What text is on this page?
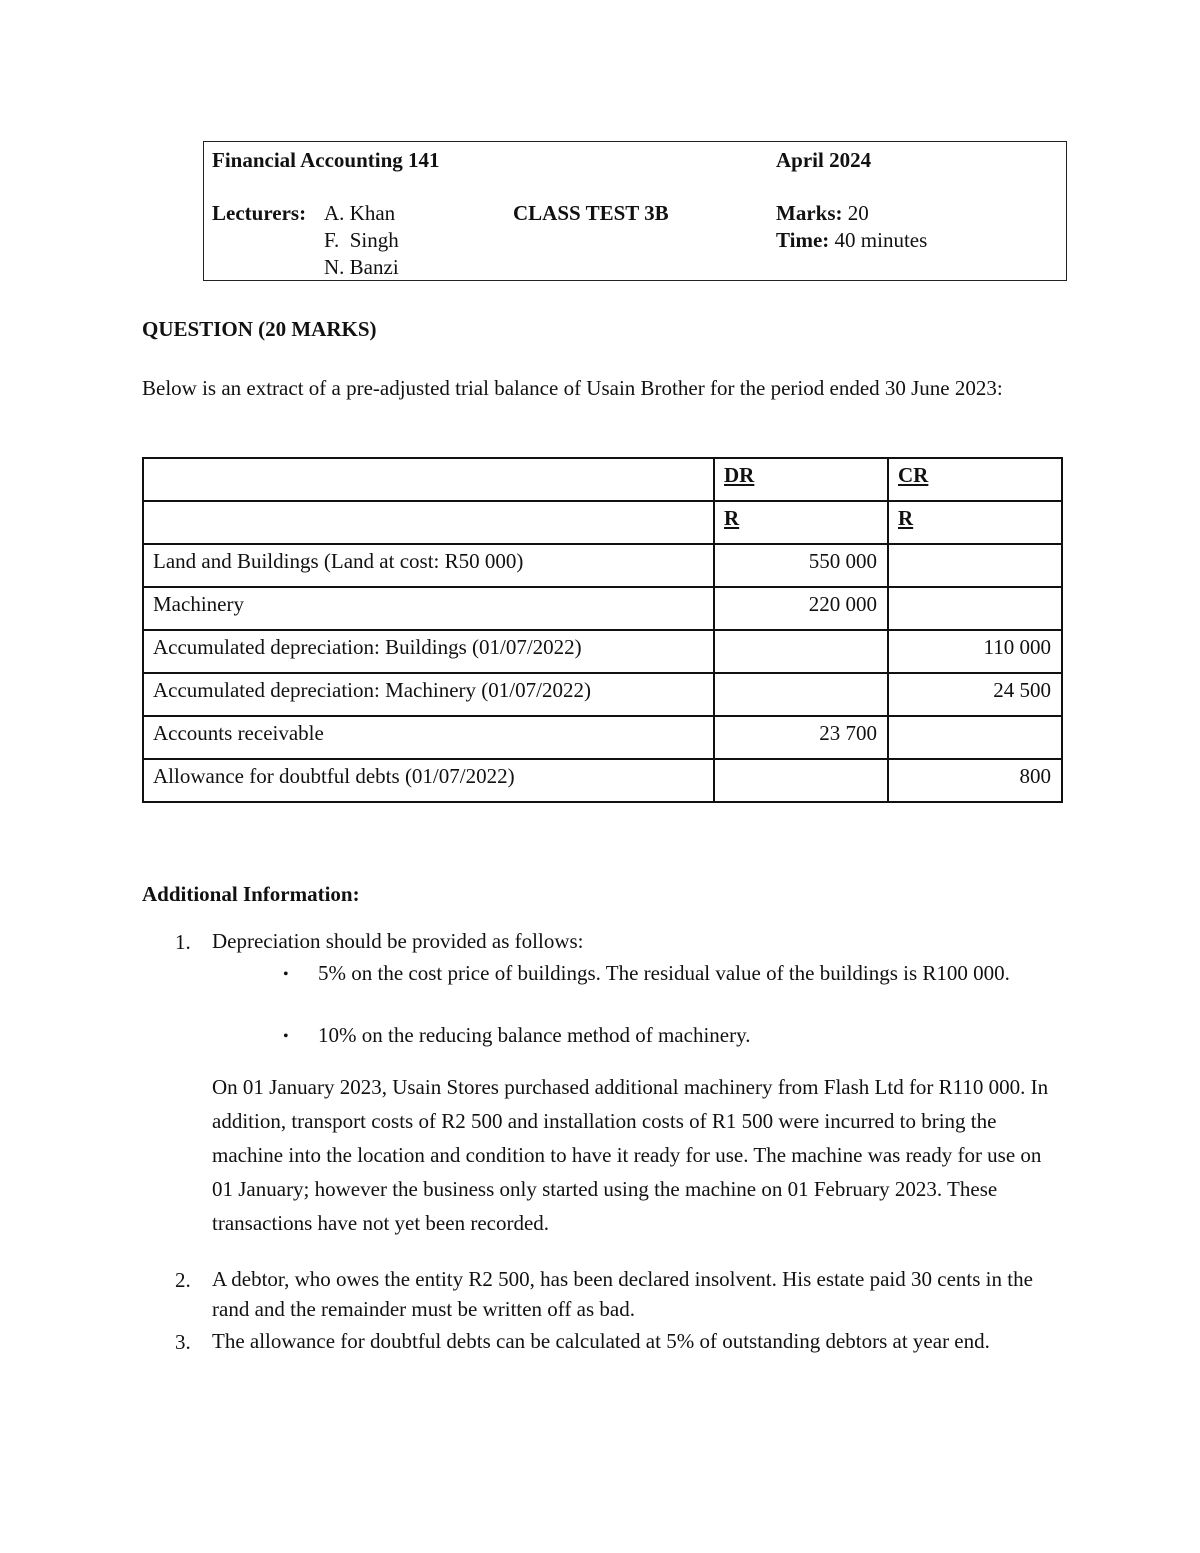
Financial Accounting 141	April 2024
Lecturers: A. Khan
F.  Singh
N. Banzi
CLASS TEST 3B	Marks: 20
Time: 40 minutes
QUESTION (20 MARKS)
Below is an extract of a pre-adjusted trial balance of Usain Brother for the period ended 30 June 2023:
	DR	CR
	R	R
Land and Buildings (Land at cost: R50 000)	550 000	
Machinery	220 000	
Accumulated depreciation: Buildings (01/07/2022)		110 000
Accumulated depreciation: Machinery (01/07/2022)		24 500
Accounts receivable	23 700	
Allowance for doubtful debts (01/07/2022)		800
Additional Information:
1. Depreciation should be provided as follows:
• 5% on the cost price of buildings. The residual value of the buildings is R100 000.
• 10% on the reducing balance method of machinery.
On 01 January 2023, Usain Stores purchased additional machinery from Flash Ltd for R110 000. In addition, transport costs of R2 500 and installation costs of R1 500 were incurred to bring the machine into the location and condition to have it ready for use. The machine was ready for use on 01 January; however the business only started using the machine on 01 February 2023. These transactions have not yet been recorded.
2. A debtor, who owes the entity R2 500, has been declared insolvent. His estate paid 30 cents in the rand and the remainder must be written off as bad.
3. The allowance for doubtful debts can be calculated at 5% of outstanding debtors at year end.
